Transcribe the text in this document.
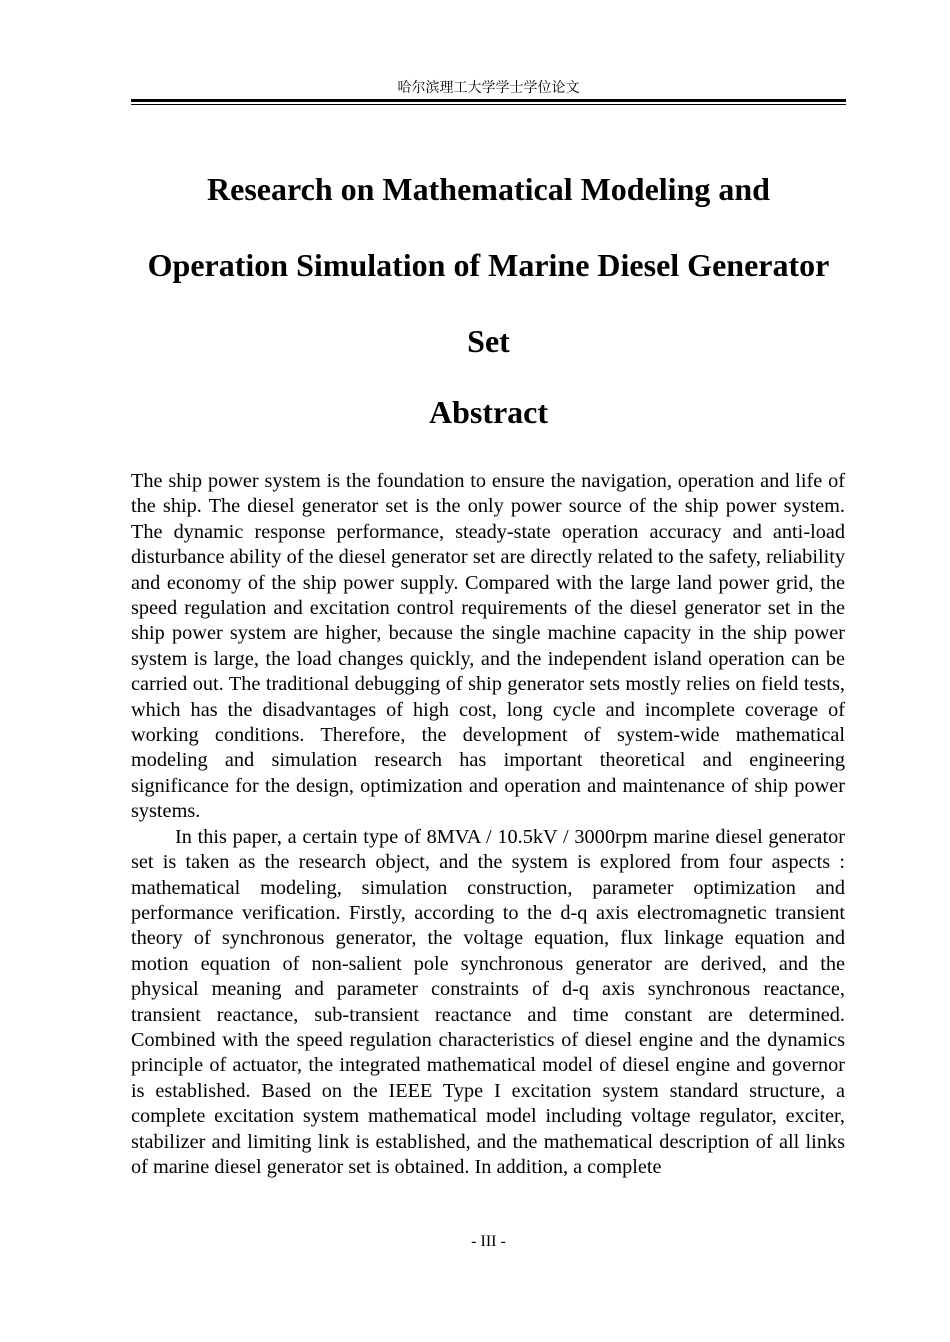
哈尔滨理工大学学士学位论文
Research on Mathematical Modeling and
Operation Simulation of Marine Diesel Generator
Set
Abstract

The ship power system is the foundation to ensure the navigation, operation and life of the ship. The diesel generator set is the only power source of the ship power system. The dynamic response performance, steady-state operation accuracy and anti-load disturbance ability of the diesel generator set are directly related to the safety, reliability and economy of the ship power supply. Compared with the large land power grid, the speed regulation and excitation control requirements of the diesel generator set in the ship power system are higher, because the single machine capacity in the ship power system is large, the load changes quickly, and the independent island operation can be carried out. The traditional debugging of ship generator sets mostly relies on field tests, which has the disadvantages of high cost, long cycle and incomplete coverage of working conditions. Therefore, the development of system-wide mathematical modeling and simulation research has important theoretical and engineering significance for the design, optimization and operation and maintenance of ship power systems.

In this paper, a certain type of 8MVA / 10.5kV / 3000rpm marine diesel generator set is taken as the research object, and the system is explored from four aspects : mathematical modeling, simulation construction, parameter optimization and performance verification. Firstly, according to the d-q axis electromagnetic transient theory of synchronous generator, the voltage equation, flux linkage equation and motion equation of non-salient pole synchronous generator are derived, and the physical meaning and parameter constraints of d-q axis synchronous reactance, transient reactance, sub-transient reactance and time constant are determined. Combined with the speed regulation characteristics of diesel engine and the dynamics principle of actuator, the integrated mathematical model of diesel engine and governor is established. Based on the IEEE Type I excitation system standard structure, a complete excitation system mathematical model including voltage regulator, exciter, stabilizer and limiting link is established, and the mathematical description of all links of marine diesel generator set is obtained. In addition, a complete

- III -
